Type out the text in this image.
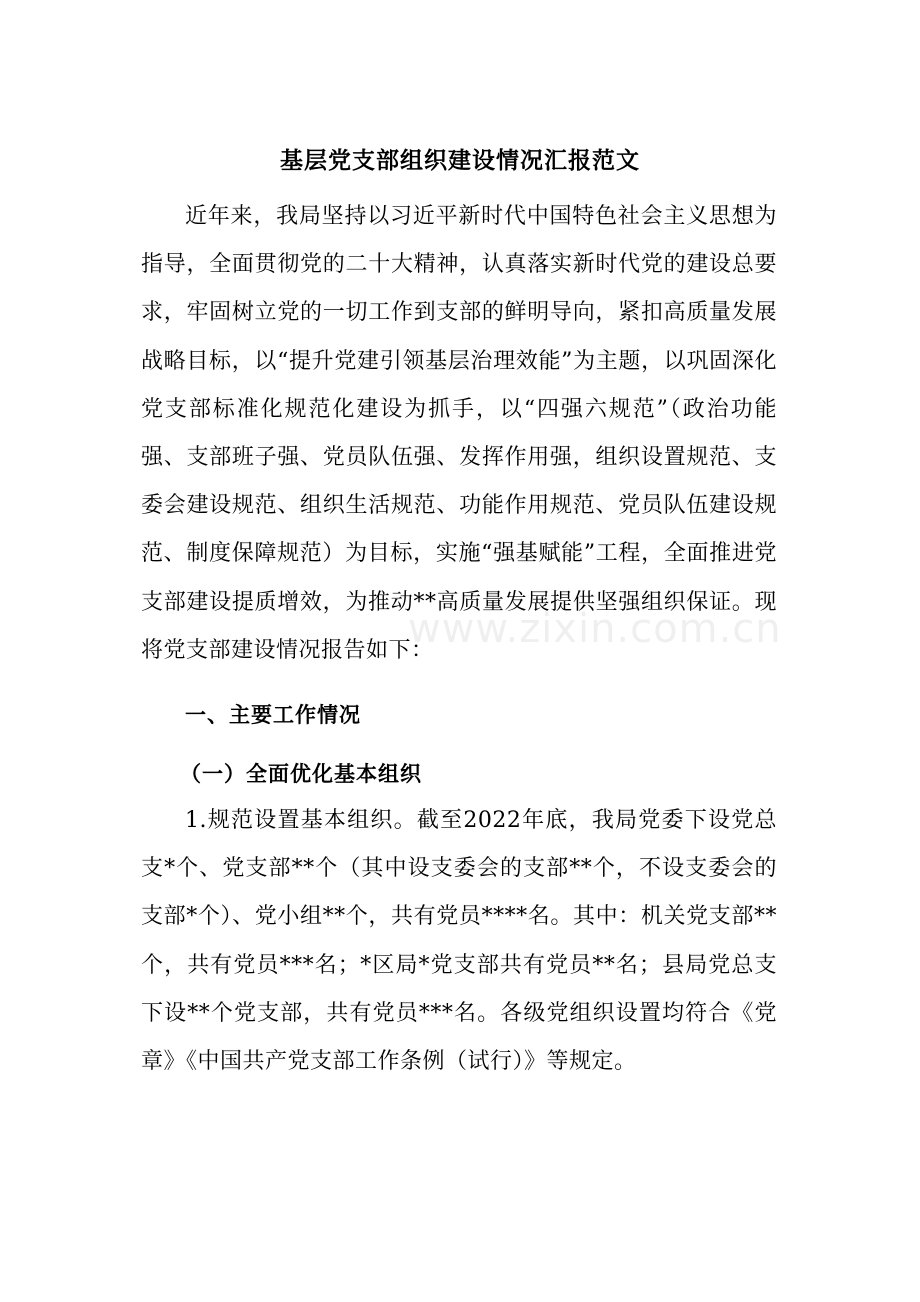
基层党支部组织建设情况汇报范文

近年来，我局坚持以习近平新时代中国特色社会主义思想为指导，全面贯彻党的二十大精神，认真落实新时代党的建设总要求，牢固树立党的一切工作到支部的鲜明导向，紧扣高质量发展战略目标，以“提升党建引领基层治理效能”为主题，以巩固深化党支部标准化规范化建设为抓手，以“四强六规范”（政治功能强、支部班子强、党员队伍强、发挥作用强，组织设置规范、支委会建设规范、组织生活规范、功能作用规范、党员队伍建设规范、制度保障规范）为目标，实施“强基赋能”工程，全面推进党支部建设提质增效，为推动**高质量发展提供坚强组织保证。现将党支部建设情况报告如下：

www.zixin.com.cn
一、主要工作情况
（一）全面优化基本组织

1.规范设置基本组织。截至2022年底，我局党委下设党总支*个、党支部**个（其中设支委会的支部**个，不设支委会的支部*个）、党小组**个，共有党员****名。其中：机关党支部**个，共有党员***名；*区局*党支部共有党员**名；县局党总支下设**个党支部，共有党员***名。各级党组织设置均符合《党章》《中国共产党支部工作条例（试行）》等规定。
